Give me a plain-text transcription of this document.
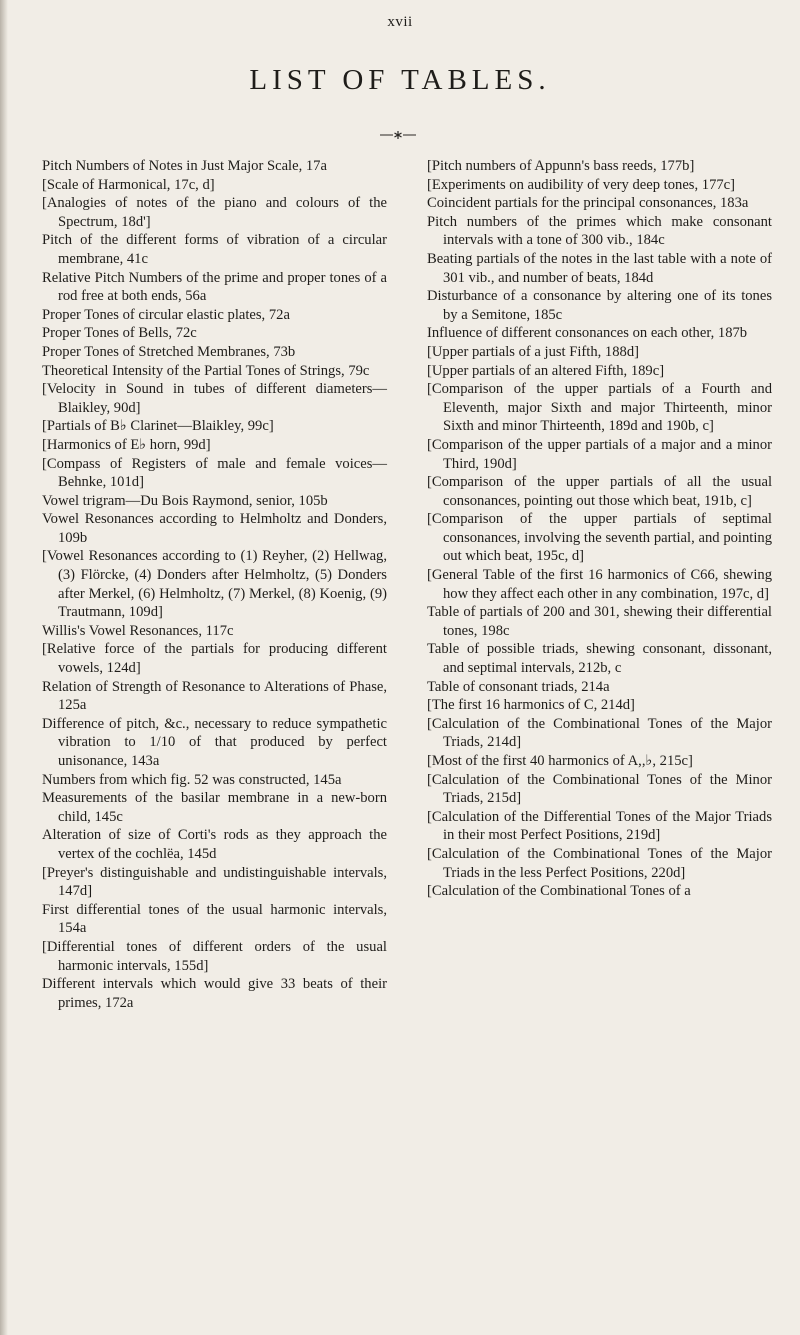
xvii
LIST OF TABLES.

Pitch Numbers of Notes in Just Major Scale, 17a

[Scale of Harmonical, 17c, d]

[Analogies of notes of the piano and colours of the Spectrum, 18d']

Pitch of the different forms of vibration of a circular membrane, 41c

Relative Pitch Numbers of the prime and proper tones of a rod free at both ends, 56a

Proper Tones of circular elastic plates, 72a

Proper Tones of Bells, 72c

Proper Tones of Stretched Membranes, 73b

Theoretical Intensity of the Partial Tones of Strings, 79c

[Velocity in Sound in tubes of different diameters—Blaikley, 90d]

[Partials of B♭ Clarinet—Blaikley, 99c]

[Harmonics of E♭ horn, 99d]

[Compass of Registers of male and female voices—Behnke, 101d]

Vowel trigram—Du Bois Raymond, senior, 105b

Vowel Resonances according to Helmholtz and Donders, 109b

[Vowel Resonances according to (1) Reyher, (2) Hellwag, (3) Flörcke, (4) Donders after Helmholtz, (5) Donders after Merkel, (6) Helmholtz, (7) Merkel, (8) Koenig, (9) Trautmann, 109d]

Willis's Vowel Resonances, 117c

[Relative force of the partials for producing different vowels, 124d]

Relation of Strength of Resonance to Alterations of Phase, 125a

Difference of pitch, &c., necessary to reduce sympathetic vibration to 1/10 of that produced by perfect unisonance, 143a

Numbers from which fig. 52 was constructed, 145a

Measurements of the basilar membrane in a new-born child, 145c

Alteration of size of Corti's rods as they approach the vertex of the cochlëa, 145d

[Preyer's distinguishable and undistinguishable intervals, 147d]

First differential tones of the usual harmonic intervals, 154a

[Differential tones of different orders of the usual harmonic intervals, 155d]

Different intervals which would give 33 beats of their primes, 172a

[Pitch numbers of Appunn's bass reeds, 177b]

[Experiments on audibility of very deep tones, 177c]

Coincident partials for the principal consonances, 183a

Pitch numbers of the primes which make consonant intervals with a tone of 300 vib., 184c

Beating partials of the notes in the last table with a note of 301 vib., and number of beats, 184d

Disturbance of a consonance by altering one of its tones by a Semitone, 185c

Influence of different consonances on each other, 187b

[Upper partials of a just Fifth, 188d]

[Upper partials of an altered Fifth, 189c]

[Comparison of the upper partials of a Fourth and Eleventh, major Sixth and major Thirteenth, minor Sixth and minor Thirteenth, 189d and 190b, c]

[Comparison of the upper partials of a major and a minor Third, 190d]

[Comparison of the upper partials of all the usual consonances, pointing out those which beat, 191b, c]

[Comparison of the upper partials of septimal consonances, involving the seventh partial, and pointing out which beat, 195c, d]

[General Table of the first 16 harmonics of C66, shewing how they affect each other in any combination, 197c, d]

Table of partials of 200 and 301, shewing their differential tones, 198c

Table of possible triads, shewing consonant, dissonant, and septimal intervals, 212b, c

Table of consonant triads, 214a

[The first 16 harmonics of C, 214d]

[Calculation of the Combinational Tones of the Major Triads, 214d]

[Most of the first 40 harmonics of A,,♭, 215c]

[Calculation of the Combinational Tones of the Minor Triads, 215d]

[Calculation of the Differential Tones of the Major Triads in their most Perfect Positions, 219d]

[Calculation of the Combinational Tones of the Major Triads in the less Perfect Positions, 220d]

[Calculation of the Combinational Tones of a
